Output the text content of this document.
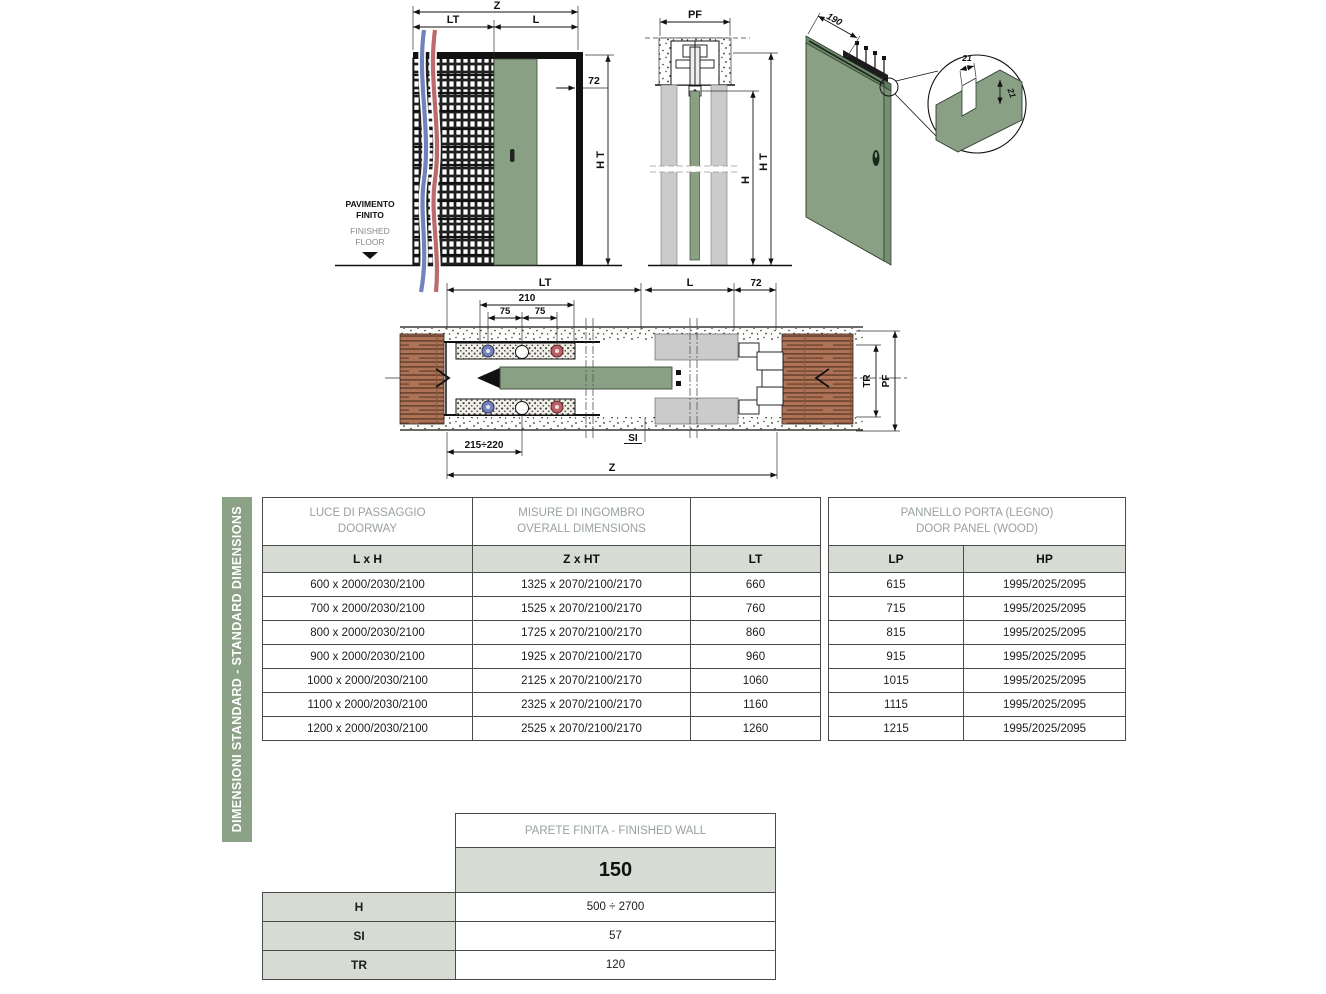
Z
LT	L
72
H T
PAVIMENTO
FINITO
FINISHED
FLOOR
PF
H T
H
190
21
21
LT	L	72
210
75	75
215÷220
Z
SI
TR PF
DIMENSIONI STANDARD - STANDARD DIMENSIONS	LUCE DI PASSAGGIO
DOORWAY	MISURE DI INGOMBRO
OVERALL DIMENSIONS	
L x H	Z x HT	LT
600 x 2000/2030/2100	1325 x 2070/2100/2170	660
700 x 2000/2030/2100	1525 x 2070/2100/2170	760
800 x 2000/2030/2100	1725 x 2070/2100/2170	860
900 x 2000/2030/2100	1925 x 2070/2100/2170	960
1000 x 2000/2030/2100	2125 x 2070/2100/2170	1060
1100 x 2000/2030/2100	2325 x 2070/2100/2170	1160
1200 x 2000/2030/2100	2525 x 2070/2100/2170	1260
PANNELLO PORTA (LEGNO)
DOOR PANEL (WOOD)	
LP	HP
615	1995/2025/2095
715	1995/2025/2095
815	1995/2025/2095
915	1995/2025/2095
1015	1995/2025/2095
1115	1995/2025/2095
1215	1995/2025/2095
	PARETE FINITA - FINISHED WALL
	150
H	500 ÷ 2700
SI	57
TR	120
